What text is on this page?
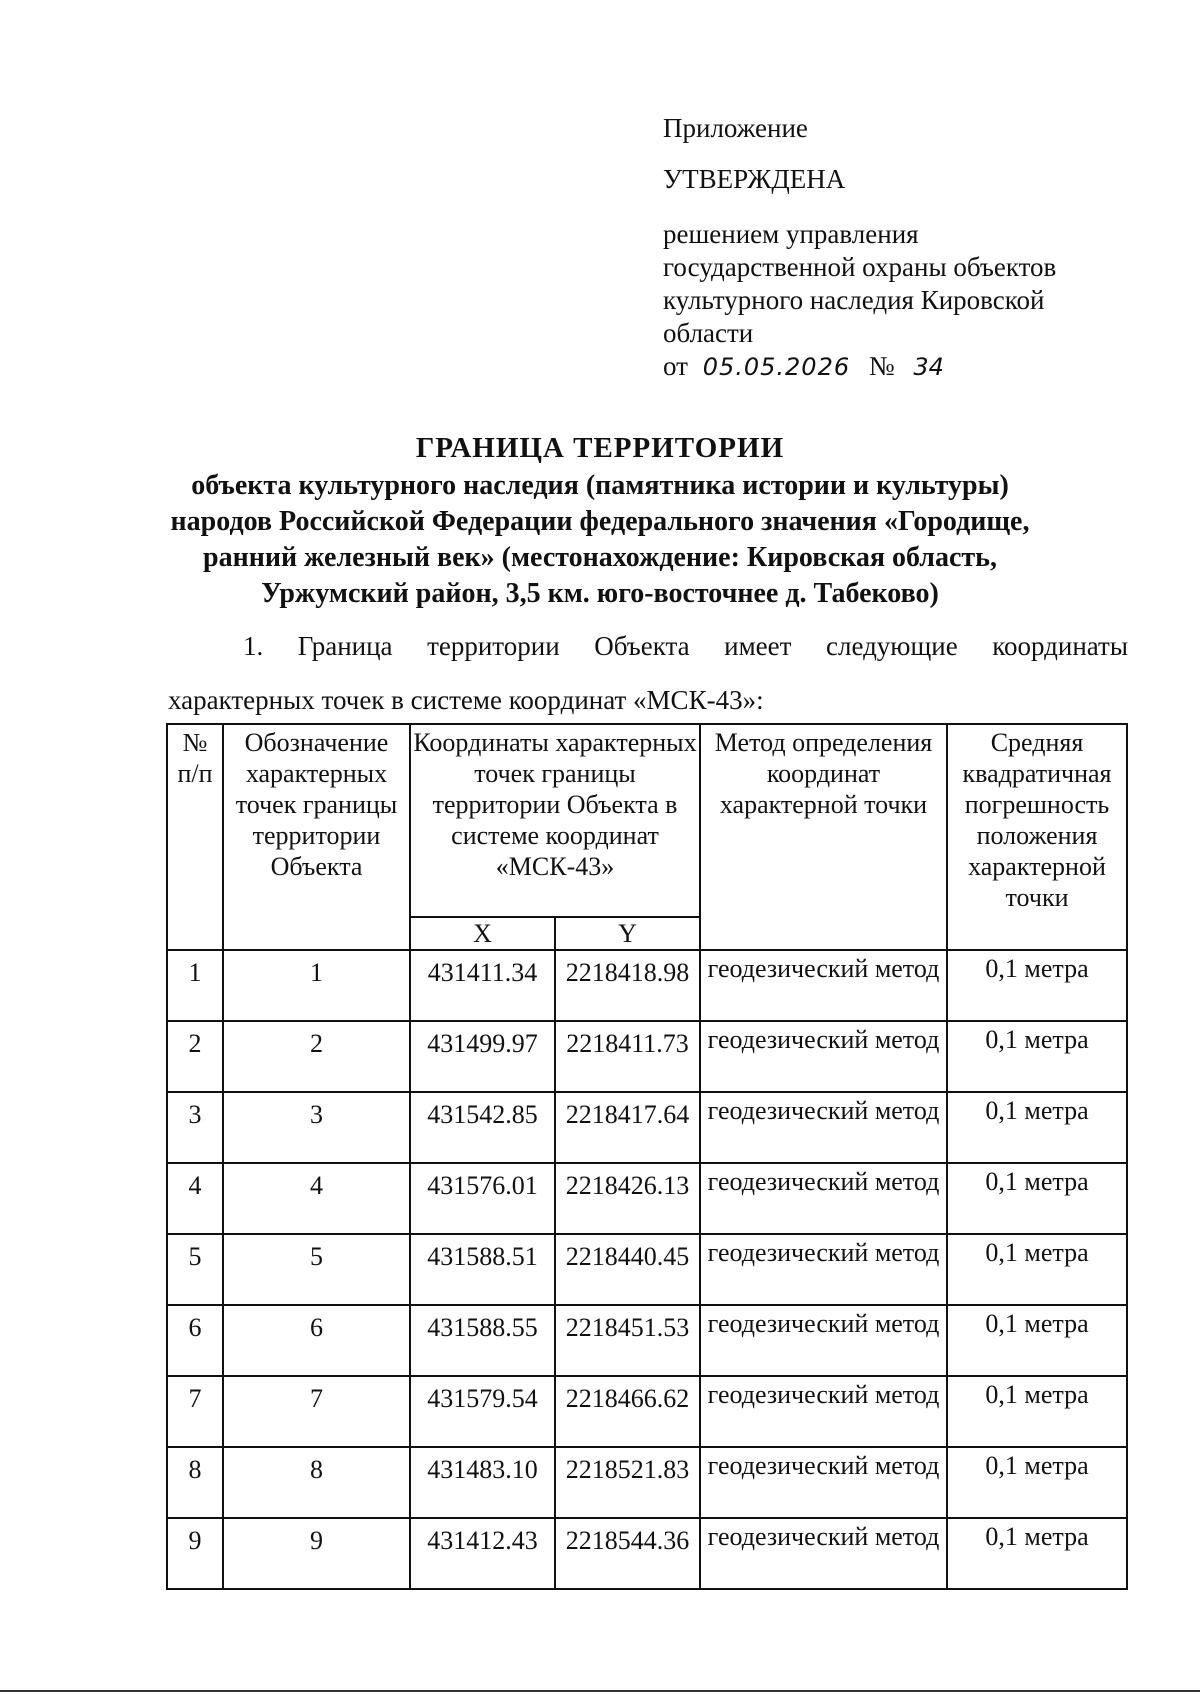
Приложение
УТВЕРЖДЕНА
решением управления
государственной охраны объектов
культурного наследия Кировской
области
от 05.05.2026 № 34
ГРАНИЦА ТЕРРИТОРИИ
объекта культурного наследия (памятника истории и культуры)
народов Российской Федерации федерального значения «Городище,
ранний железный век» (местонахождение: Кировская область,
Уржумский район, 3,5 км. юго-восточнее д. Табеково)
1. Граница территории Объекта имеет следующие координаты
характерных точек в системе координат «МСК-43»:
№ п/п	Обозначение характерных точек границы территории Объекта	Координаты характерных точек границы территории Объекта в системе координат «МСК-43»		Метод определения координат характерной точки	Средняя квадратичная погрешность положения характерной точки
		X	Y		
1	1	431411.34	2218418.98	геодезический метод	0,1 метра
2	2	431499.97	2218411.73	геодезический метод	0,1 метра
3	3	431542.85	2218417.64	геодезический метод	0,1 метра
4	4	431576.01	2218426.13	геодезический метод	0,1 метра
5	5	431588.51	2218440.45	геодезический метод	0,1 метра
6	6	431588.55	2218451.53	геодезический метод	0,1 метра
7	7	431579.54	2218466.62	геодезический метод	0,1 метра
8	8	431483.10	2218521.83	геодезический метод	0,1 метра
9	9	431412.43	2218544.36	геодезический метод	0,1 метра
